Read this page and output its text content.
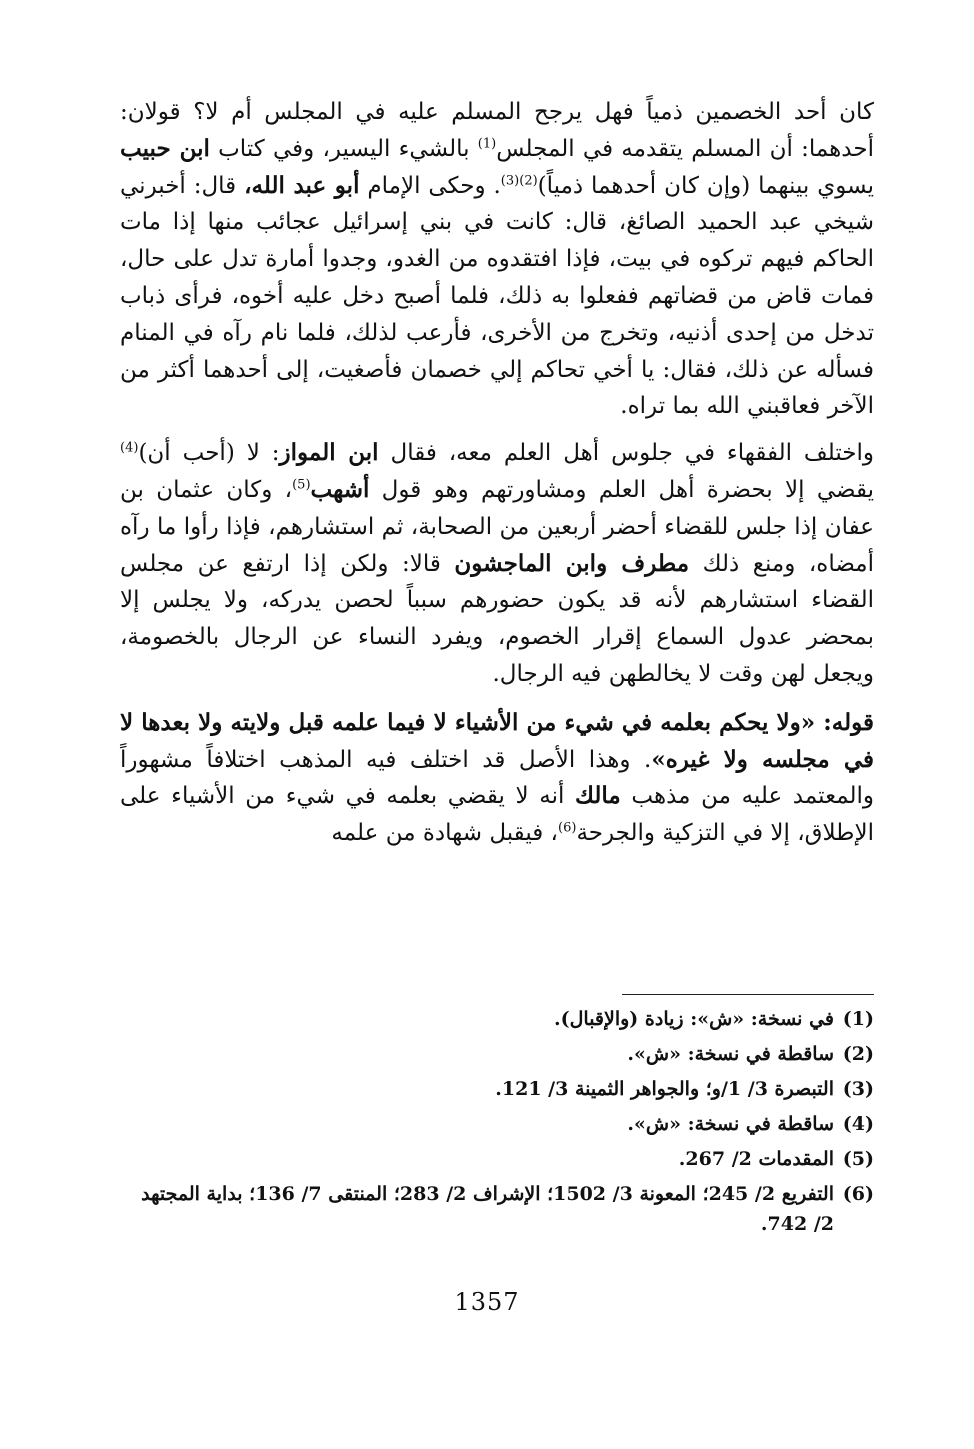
كان أحد الخصمين ذمياً فهل يرجح المسلم عليه في المجلس أم لا؟ قولان: أحدهما: أن المسلم يتقدمه في المجلس$^{(1)}$ بالشيء اليسير، وفي كتاب ابن حبيب يسوي بينهما (وإن كان أحدهما ذمياً)$^{(2)(3)}$. وحكى الإمام أبو عبد الله، قال: أخبرني شيخي عبد الحميد الصائغ، قال: كانت في بني إسرائيل عجائب منها إذا مات الحاكم فيهم تركوه في بيت، فإذا افتقدوه من الغدو، وجدوا أمارة تدل على حال، فمات قاض من قضاتهم ففعلوا به ذلك، فلما أصبح دخل عليه أخوه، فرأى ذباب تدخل من إحدى أذنيه، وتخرج من الأخرى، فأرعب لذلك، فلما نام رآه في المنام فسأله عن ذلك، فقال: يا أخي تحاكم إلي خصمان فأصغيت، إلى أحدهما أكثر من الآخر فعاقبني الله بما تراه.

واختلف الفقهاء في جلوس أهل العلم معه، فقال ابن المواز: لا (أحب أن)$^{(4)}$ يقضي إلا بحضرة أهل العلم ومشاورتهم وهو قول أشهب$^{(5)}$، وكان عثمان بن عفان إذا جلس للقضاء أحضر أربعين من الصحابة، ثم استشارهم، فإذا رأوا ما رآه أمضاه، ومنع ذلك مطرف وابن الماجشون قالا: ولكن إذا ارتفع عن مجلس القضاء استشارهم لأنه قد يكون حضورهم سبباً لحصن يدركه، ولا يجلس إلا بمحضر عدول السماع إقرار الخصوم، ويفرد النساء عن الرجال بالخصومة، ويجعل لهن وقت لا يخالطهن فيه الرجال.

قوله: «ولا يحكم بعلمه في شيء من الأشياء لا فيما علمه قبل ولايته ولا بعدها لا في مجلسه ولا غيره». وهذا الأصل قد اختلف فيه المذهب اختلافاً مشهوراً والمعتمد عليه من مذهب مالك أنه لا يقضي بعلمه في شيء من الأشياء على الإطلاق، إلا في التزكية والجرحة$^{(6)}$، فيقبل شهادة من علمه

(1)
في نسخة: «ش»: زيادة (والإقبال).
(2)
ساقطة في نسخة: «ش».
(3)
التبصرة 3/ 1/و؛ والجواهر الثمينة 3/ 121.
(4)
ساقطة في نسخة: «ش».
(5)
المقدمات 2/ 267.
(6)
التفريع 2/ 245؛ المعونة 3/ 1502؛ الإشراف 2/ 283؛ المنتقى 7/ 136؛ بداية المجتهد 2/ 742.
1357
